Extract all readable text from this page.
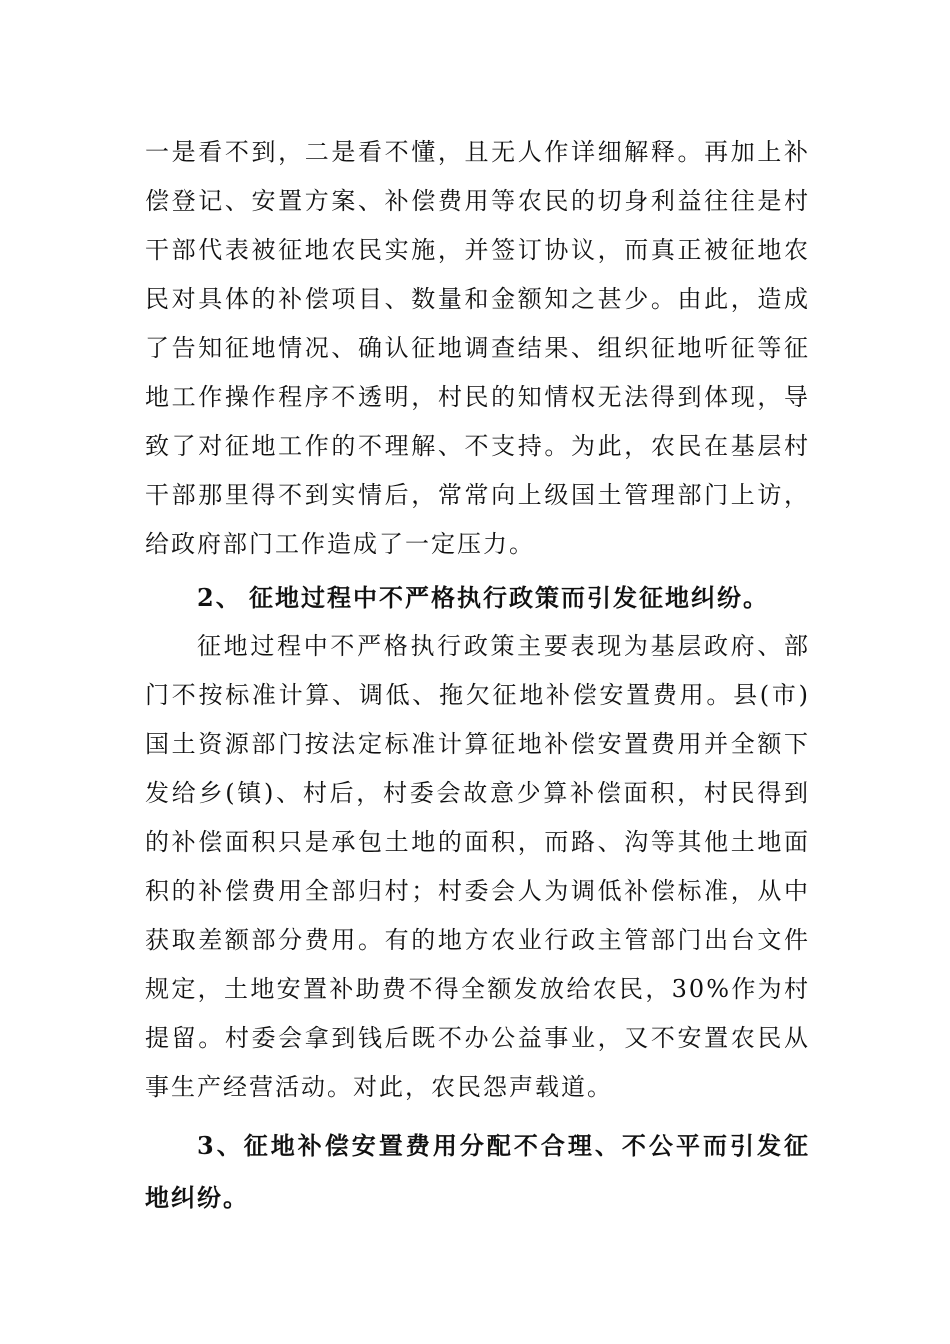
一是看不到，二是看不懂，且无人作详细解释。再加上补偿登记、安置方案、补偿费用等农民的切身利益往往是村干部代表被征地农民实施，并签订协议，而真正被征地农民对具体的补偿项目、数量和金额知之甚少。由此，造成了告知征地情况、确认征地调查结果、组织征地听征等征地工作操作程序不透明，村民的知情权无法得到体现，导致了对征地工作的不理解、不支持。为此，农民在基层村干部那里得不到实情后，常常向上级国土管理部门上访，给政府部门工作造成了一定压力。

2、 征地过程中不严格执行政策而引发征地纠纷。

征地过程中不严格执行政策主要表现为基层政府、部门不按标准计算、调低、拖欠征地补偿安置费用。县(市)国土资源部门按法定标准计算征地补偿安置费用并全额下发给乡(镇)、村后，村委会故意少算补偿面积，村民得到的补偿面积只是承包土地的面积，而路、沟等其他土地面积的补偿费用全部归村；村委会人为调低补偿标准，从中获取差额部分费用。有的地方农业行政主管部门出台文件规定，土地安置补助费不得全额发放给农民，30%作为村提留。村委会拿到钱后既不办公益事业，又不安置农民从事生产经营活动。对此，农民怨声载道。

3、征地补偿安置费用分配不合理、不公平而引发征地纠纷。
